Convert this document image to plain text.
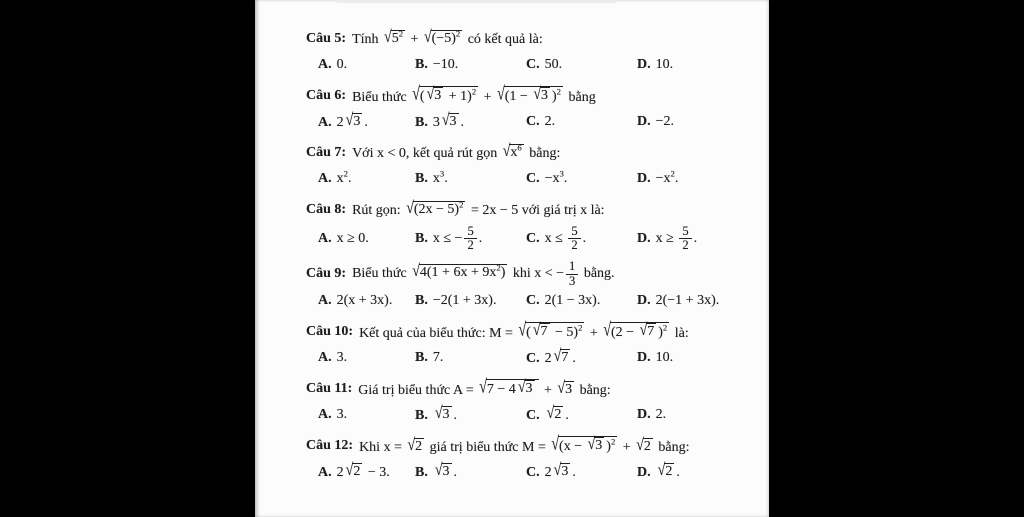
Câu 5: Tính √ $5^2$ + √ $(-5)^2$ có kết quả là:
A. 0.	B. −10.	C. 50.	D. 10.
Câu 6: Biểu thức √ ( √ 3 + 1)$^2$ + √ (1 − √ 3 )$^2$ bằng
A. 2 √ 3 .	B. 3 √ 3 .	C. 2.	D. −2.
Câu 7: Với x < 0, kết quả rút gọn √ $x^6$ bằng:
A. $x^2$.	B. $x^3$.	C. $-x^3$.	D. $-x^2$.
Câu 8: Rút gọn: √ $(2x - 5)^2 = 2x - 5$ với giá trị x là:
A. x ≥ 0.	B. x ≤ − $\frac{5}{2}$ .	C. $x \le \frac{5}{2}$ .	D. $x \ge \frac{5}{2}$ .
Câu 9: Biểu thức √ $4(1 + 6x + 9x^2)$ khi x < − $\frac{1}{3}$ bằng.
A. 2(x + 3x).	B. −2(1 + 3x).	C. 2(1 − 3x).	D. 2(−1 + 3x).
Câu 10: Kết quả của biểu thức: M = √ ( √ 7 − 5)$^2$ + √ (2 − √ 7 )$^2$ là:
A. 3.	B. 7.	C. 2 √ 7 .	D. 10.
Câu 11: Giá trị biểu thức A = √ 7 − 4 √ 3 + √ 3 bằng:
A. 3.	B. √ 3 .	C. √ 2 .	D. 2.
Câu 12: Khi x = √ 2 giá trị biểu thức M = √ (x − √ 3 )$^2$ + √ 2 bằng:
A. 2 √ 2 − 3.	B. √ 3 .	C. 2 √ 3 .	D. √ 2 .
